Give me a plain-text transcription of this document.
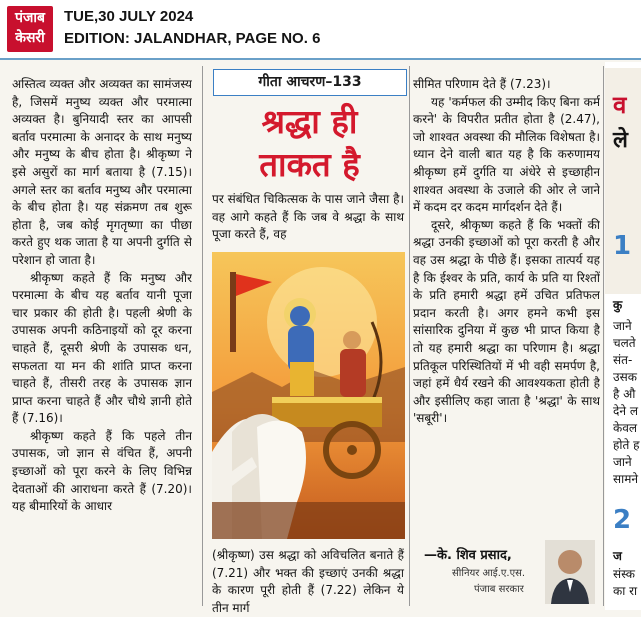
पंजाब
केसरी
TUE,30 JULY 2024
EDITION: JALANDHAR, PAGE NO. 6

अस्तित्व व्यक्त और अव्यक्त का सामंजस्य है, जिसमें मनुष्य व्यक्त और परमात्मा अव्यक्त है। बुनियादी स्तर का आपसी बर्ताव परमात्मा के अनादर के साथ मनुष्य और मनुष्य के बीच होता है। श्रीकृष्ण ने इसे असुरों का मार्ग बताया है (7.15)। अगले स्तर का बर्ताव मनुष्य और परमात्मा के बीच होता है। यह संक्रमण तब शुरू होता है, जब कोई मृगतृष्णा का पीछा करते हुए थक जाता है या अपनी दुर्गति से परेशान हो जाता है।

श्रीकृष्ण कहते हैं कि मनुष्य और परमात्मा के बीच यह बर्ताव यानी पूजा चार प्रकार की होती है। पहली श्रेणी के उपासक अपनी कठिनाइयों को दूर करना चाहते हैं, दूसरी श्रेणी के उपासक धन, सफलता या मन की शांति प्राप्त करना चाहते हैं, तीसरी तरह के उपासक ज्ञान प्राप्त करना चाहते हैं और चौथे ज्ञानी होते हैं (7.16)।

श्रीकृष्ण कहते हैं कि पहले तीन उपासक, जो ज्ञान से वंचित हैं, अपनी इच्छाओं को पूरा करने के लिए विभिन्न देवताओं की आराधना करते हैं (7.20)। यह बीमारियों के आधार

गीता आचरण–133
श्रद्धा ही
ताकत है
पर संबंधित चिकित्सक के पास जाने जैसा है। वह आगे कहते हैं कि जब वे श्रद्धा के साथ पूजा करते हैं, वह
(श्रीकृष्ण) उस श्रद्धा को अविचलित बनाते हैं (7.21) और भक्त की इच्छाएं उनकी श्रद्धा के कारण पूरी होती हैं (7.22) लेकिन ये तीन मार्ग

सीमित परिणाम देते हैं (7.23)।

यह 'कर्मफल की उम्मीद किए बिना कर्म करने' के विपरीत प्रतीत होता है (2.47), जो शाश्वत अवस्था की मौलिक विशेषता है। ध्यान देने वाली बात यह है कि करुणामय श्रीकृष्ण हमें दुर्गति या अंधेरे से इच्छाहीन शाश्वत अवस्था के उजाले की ओर ले जाने में कदम दर कदम मार्गदर्शन देते हैं।

दूसरे, श्रीकृष्ण कहते हैं कि भक्तों की श्रद्धा उनकी इच्छाओं को पूरा करती है और वह उस श्रद्धा के पीछे हैं। इसका तात्पर्य यह है कि ईश्वर के प्रति, कार्य के प्रति या रिश्तों के प्रति हमारी श्रद्धा हमें उचित प्रतिफल प्रदान करती है। अगर हमने कभी इस सांसारिक दुनिया में कुछ भी प्राप्त किया है तो यह हमारी श्रद्धा का परिणाम है। श्रद्धा प्रतिकूल परिस्थितियों में भी वही समर्पण है, जहां हमें धैर्य रखने की आवश्यकता होती है और इसीलिए कहा जाता है 'श्रद्धा' के साथ 'सबूरी'।

—के. शिव प्रसाद,
सीनियर आई.ए.एस.
पंजाब सरकार
व
ले
1
कु
जाने
चलते
संत-
उसक
है औ
देने ल
केवल
होते ह
जाने
सामने
2
ज
संस्क
का रा
